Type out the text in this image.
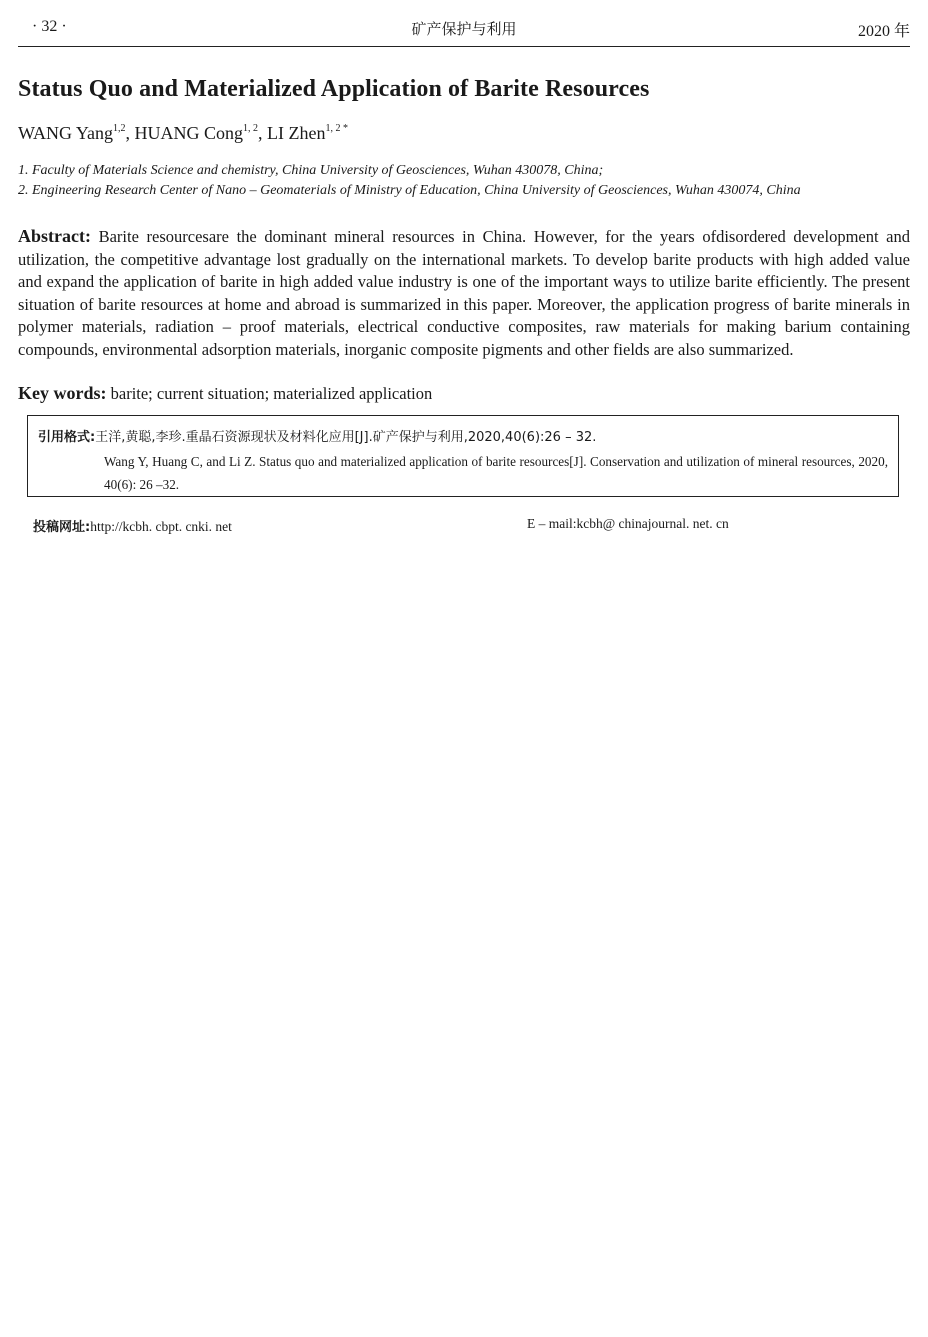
· 32 ·	矿产保护与利用	2020 年
Status Quo and Materialized Application of Barite Resources
WANG Yang$^{1,2}$, HUANG Cong$^{1, 2}$, LI Zhen$^{1, 2 *}$
1. Faculty of Materials Science and chemistry, China University of Geosciences, Wuhan 430078, China;
2. Engineering Research Center of Nano – Geomaterials of Ministry of Education, China University of Geosciences, Wuhan 430074, China
Abstract: Barite resourcesare the dominant mineral resources in China. However, for the years ofdisordered development and utilization, the competitive advantage lost gradually on the international markets. To develop barite products with high added value and expand the application of barite in high added value industry is one of the important ways to utilize barite efficiently. The present situation of barite resources at home and abroad is summarized in this paper. Moreover, the application progress of barite minerals in polymer materials, radiation – proof materials, electrical conductive composites, raw materials for making barium containing compounds, environmental adsorption materials, inorganic composite pigments and other fields are also summarized.
Key words: barite; current situation; materialized application
引用格式:王洋,黄聪,李珍.重晶石资源现状及材料化应用[J].矿产保护与利用,2020,40(6):26 – 32.
Wang Y, Huang C, and Li Z. Status quo and materialized application of barite resources[J]. Conservation and utilization of mineral resources, 2020, 40(6): 26 –32.
投稿网址:http://kcbh. cbpt. cnki. net	E – mail:kcbh@ chinajournal. net. cn
